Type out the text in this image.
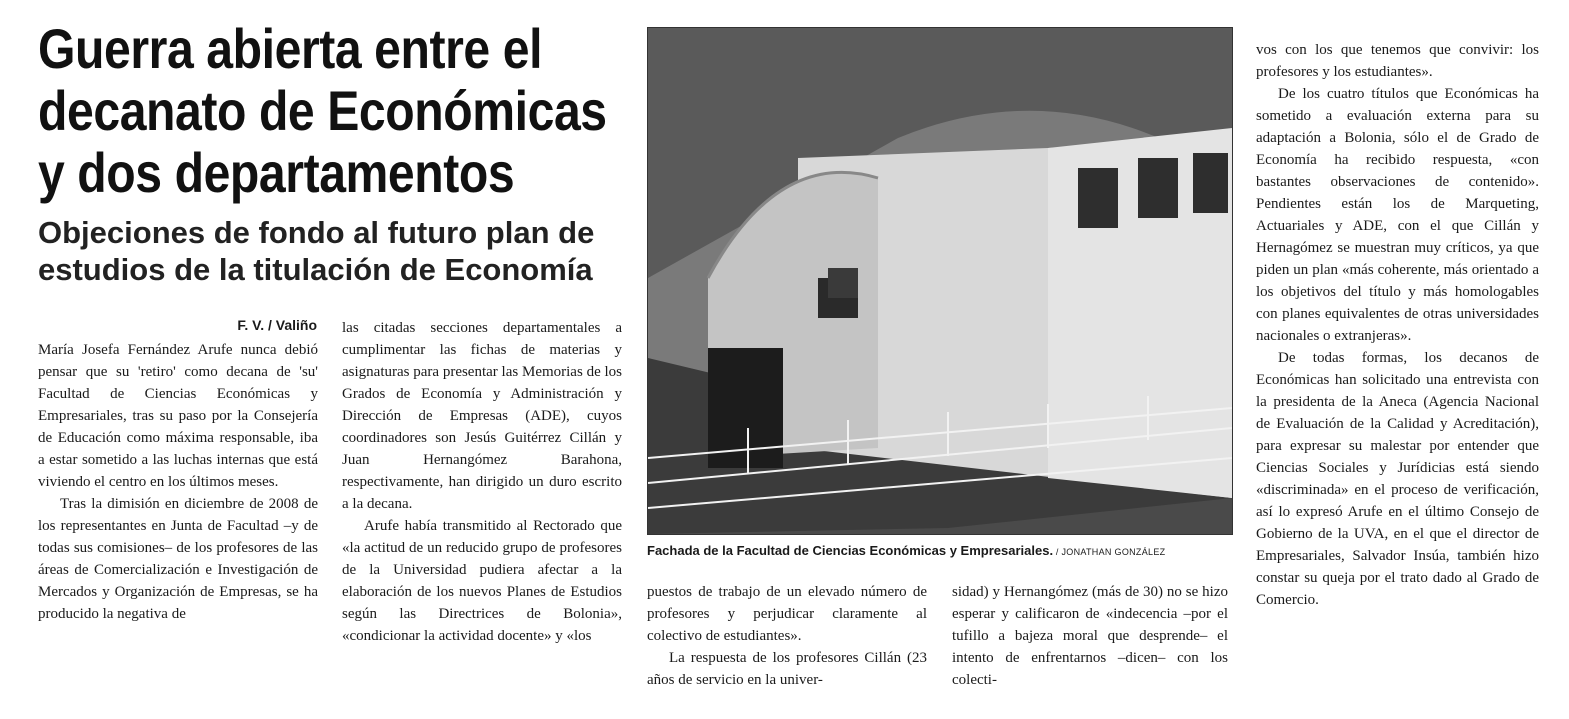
Guerra abierta entre el
decanato de Económicas
y dos departamentos
Objeciones de fondo al futuro plan de
estudios de la titulación de Economía
F. V. / Valiño

María Josefa Fernández Arufe nunca debió pensar que su 'retiro' como decana de 'su' Facultad de Ciencias Económicas y Empresariales, tras su paso por la Consejería de Educación como máxima responsable, iba a estar sometido a las luchas internas que está viviendo el centro en los últimos meses.

Tras la dimisión en diciembre de 2008 de los representantes en Junta de Facultad –y de todas sus comisiones– de los profesores de las áreas de Comercialización e Investigación de Mercados y Organización de Empresas, se ha producido la negativa de

las citadas secciones departamentales a cumplimentar las fichas de materias y asignaturas para presentar las Memorias de los Grados de Economía y Administración y Dirección de Empresas (ADE), cuyos coordinadores son Jesús Guitérrez Cillán y Juan Hernangómez Barahona, respectivamente, han dirigido un duro escrito a la decana.

Arufe había transmitido al Rectorado que «la actitud de un reducido grupo de profesores de la Universidad pudiera afectar a la elaboración de los nuevos Planes de Estudios según las Directrices de Bolonia», «condicionar la actividad docente» y «los

Fachada de la Facultad de Ciencias Económicas y Empresariales. / JONATHAN GONZÁLEZ

puestos de trabajo de un elevado número de profesores y perjudicar claramente al colectivo de estudiantes».

La respuesta de los profesores Cillán (23 años de servicio en la univer-

sidad) y Hernangómez (más de 30) no se hizo esperar y calificaron de «indecencia –por el tufillo a bajeza moral que desprende– el intento de enfrentarnos –dicen– con los colecti-

vos con los que tenemos que convivir: los profesores y los estudiantes».

De los cuatro títulos que Económicas ha sometido a evaluación externa para su adaptación a Bolonia, sólo el de Grado de Economía ha recibido respuesta, «con bastantes observaciones de contenido». Pendientes están los de Marqueting, Actuariales y ADE, con el que Cillán y Hernagómez se muestran muy críticos, ya que piden un plan «más coherente, más orientado a los objetivos del título y más homologables con planes equivalentes de otras universidades nacionales o extranjeras».

De todas formas, los decanos de Económicas han solicitado una entrevista con la presidenta de la Aneca (Agencia Nacional de Evaluación de la Calidad y Acreditación), para expresar su malestar por entender que Ciencias Sociales y Jurídicias está siendo «discriminada» en el proceso de verificación, así lo expresó Arufe en el último Consejo de Gobierno de la UVA, en el que el director de Empresariales, Salvador Insúa, también hizo constar su queja por el trato dado al Grado de Comercio.
